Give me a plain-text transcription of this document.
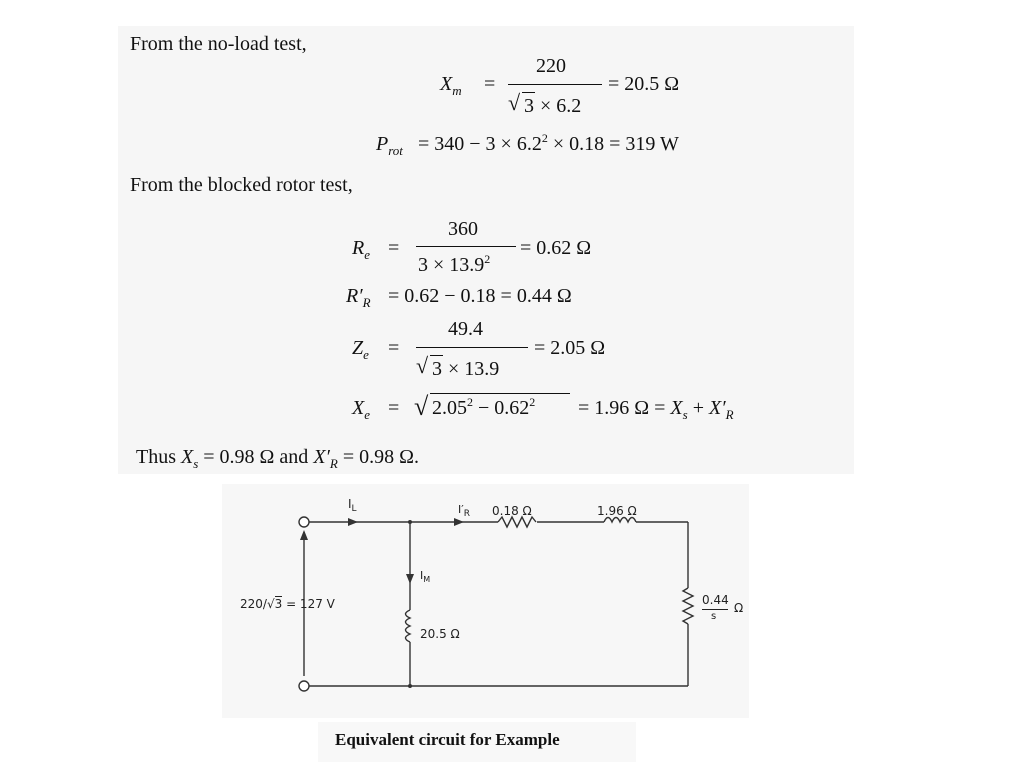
From the no-load test,
$X_m$ =
220
√ 3 × 6.2
= 20.5 Ω
$P_{rot} = 340 - 3 \times 6.2^2 \times 0.18 = 319$ W
From the blocked rotor test,
$R_e$ =
360
$3 \times 13.9^2 = 0.62$ Ω
$R'_R = 0.62 - 0.18 = 0.44$ Ω
$Z_e$ =
49.4
√ 3 × 13.9
= 2.05 Ω
$X_e$ = √ $2.05^2 - 0.62^2 = 1.96$ $\Omega = X_s + X'_R$
Thus $X_s = 0.98$ Ω and $X'_R = 0.98$ Ω.
$I_L$	$I'_R$ 0.18 Ω	1.96 Ω
$I_M$
20.5 Ω
220/√3 = 127 V	0.44
s
Ω
Equivalent circuit for Example
